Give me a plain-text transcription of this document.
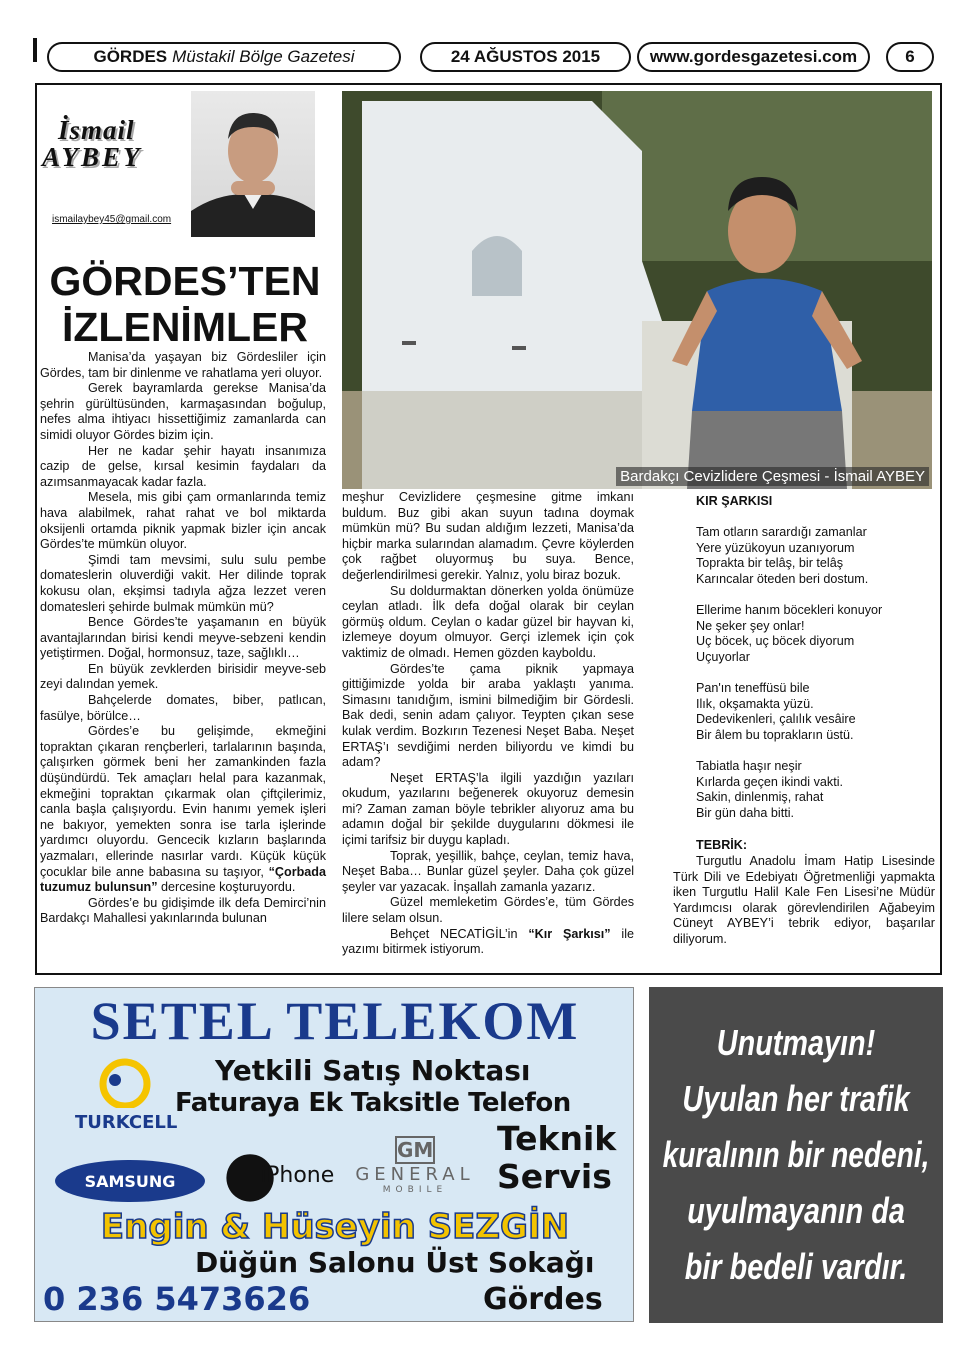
GÖRDES Müstakil Bölge Gazetesi	24 AĞUSTOS 2015	www.gordesgazetesi.com	6
İsmail
AYBEY
ismailaybey45@gmail.com
GÖRDES’TEN
İZLENİMLER

Manisa’da yaşayan biz Gördesliler için Gördes, tam bir dinlenme ve rahatlama yeri oluyor.

Gerek bayramlarda gerekse Manisa’da şehrin gürültüsünden, karmaşasından boğulup, nefes alma ihtiyacı hissettiğimiz zamanlarda can simidi oluyor Gördes bizim için.

Her ne kadar şehir hayatı insanımıza cazip de gelse, kırsal kesimin faydaları da azımsanmayacak kadar fazla.

Mesela, mis gibi çam ormanlarında temiz hava alabilmek, rahat rahat ve bol miktarda oksijenli ortamda piknik yapmak bizler için ancak Gördes’te mümkün oluyor.

Şimdi tam mevsimi, sulu sulu pembe domateslerin oluverdiği vakit. Her dilinde toprak kokusu olan, ekşimsi tadıyla ağza lezzet veren domatesleri şehirde bulmak mümkün mü?

Bence Gördes’te yaşamanın en büyük avantajlarından birisi kendi meyve-sebzeni kendin yetiştirmen. Doğal, hormonsuz, taze, sağlıklı…

En büyük zevklerden birisidir meyve-seb zeyi dalından yemek.

Bahçelerde domates, biber, patlıcan, fasülye, börülce…

Gördes’e bu gelişimde, ekmeğini topraktan çıkaran rençberleri, tarlalarının başında, çalışırken görmek beni her zamankinden fazla düşündürdü. Tek amaçları helal para kazanmak, ekmeğini topraktan çıkarmak olan çiftçilerimiz, canla başla çalışıyordu. Evin hanımı yemek işleri ne bakıyor, yemekten sonra ise tarla işlerinde yardımcı oluyordu. Gencecik kızların başlarında yazmaları, ellerinde nasırlar vardı. Küçük küçük çocuklar bile anne babasına su taşıyor, “Çorbada tuzumuz bulunsun” dercesine koşturuyordu.

Gördes’e bu gidişimde ilk defa Demirci’nin Bardakçı Mahallesi yakınlarında bulunan

Bardakçı Cevizlidere Çeşmesi - İsmail AYBEY

meşhur Cevizlidere çeşmesine gitme imkanı buldum. Buz gibi akan suyun tadına doymak mümkün mü? Bu sudan aldığım lezzeti, Manisa’da hiçbir marka sularından alamadım. Çevre köylerden çok rağbet oluyormuş bu suya. Bence, değerlendirilmesi gerekir. Yalnız, yolu biraz bozuk.

Su doldurmaktan dönerken yolda önümüze ceylan atladı. İlk defa doğal olarak bir ceylan görmüş oldum. Ceylan o kadar güzel bir hayvan ki, izlemeye doyum olmuyor. Gerçi izlemek için çok vaktimiz de olmadı. Hemen gözden kayboldu.

Gördes’te çama piknik yapmaya gittiğimizde yolda bir araba yaklaştı yanıma. Simasını tanıdığım, ismini bilmediğim bir Gördesli. Bak dedi, senin adam çalıyor. Teypten çıkan sese kulak verdim. Bozkırın Tezenesi Neşet Baba. Neşet ERTAŞ’ı sevdiğimi nerden biliyordu ve kimdi bu adam?

Neşet ERTAŞ’la ilgili yazdığın yazıları okudum, yazılarını beğenerek okuyoruz demesin mi? Zaman zaman böyle tebrikler alıyoruz ama bu adamın doğal bir şekilde duygularını dökmesi ile içimi tarifsiz bir duygu kapladı.

Toprak, yeşillik, bahçe, ceylan, temiz hava, Neşet Baba… Bunlar güzel şeyler. Daha çok güzel şeyler var yazacak. İnşallah zamanla yazarız.

Güzel memleketim Gördes’e, tüm Gördes lilere selam olsun.

Behçet NECATİGİL’in “Kır Şarkısı” ile yazımı bitirmek istiyorum.

KIR ŞARKISI

Tam otların sarardığı zamanlar

Yere yüzükoyun uzanıyorum

Toprakta bir telâş, bir telâş

Karıncalar öteden beri dostum.

Ellerime hanım böcekleri konuyor

Ne şeker şey onlar!

Uç böcek, uç böcek diyorum

Uçuyorlar

Pan'ın teneffüsü bile

Ilık, okşamakta yüzü.

Dedevikenleri, çalılık vesâire

Bir âlem bu toprakların üstü.

Tabiatla haşır neşir

Kırlarda geçen ikindi vakti.

Sakin, dinlenmiş, rahat

Bir gün daha bitti.

TEBRİK:

Turgutlu Anadolu İmam Hatip Lisesinde Türk Dili ve Edebiyatı Öğretmenliği yapmakta iken Turgutlu Halil Kale Fen Lisesi’ne Müdür Yardımcısı olarak görevlendirilen Ağabeyim Cüneyt AYBEY’i tebrik ediyor, başarılar diliyorum.

SETEL TELEKOM
Yetkili Satış Noktası
Faturaya Ek Taksitle Telefon
TURKCELL
SAMSUNG ●
iPhone
GM
GENERAL
MOBILE
Teknik
Servis
Engin & Hüseyin SEZGİN
Düğün Salonu Üst Sokağı
0 236 5473626	Gördes
Unutmayın!
Uyulan her trafik
kuralının bir nedeni,
uyulmayanın da
bir bedeli vardır.
